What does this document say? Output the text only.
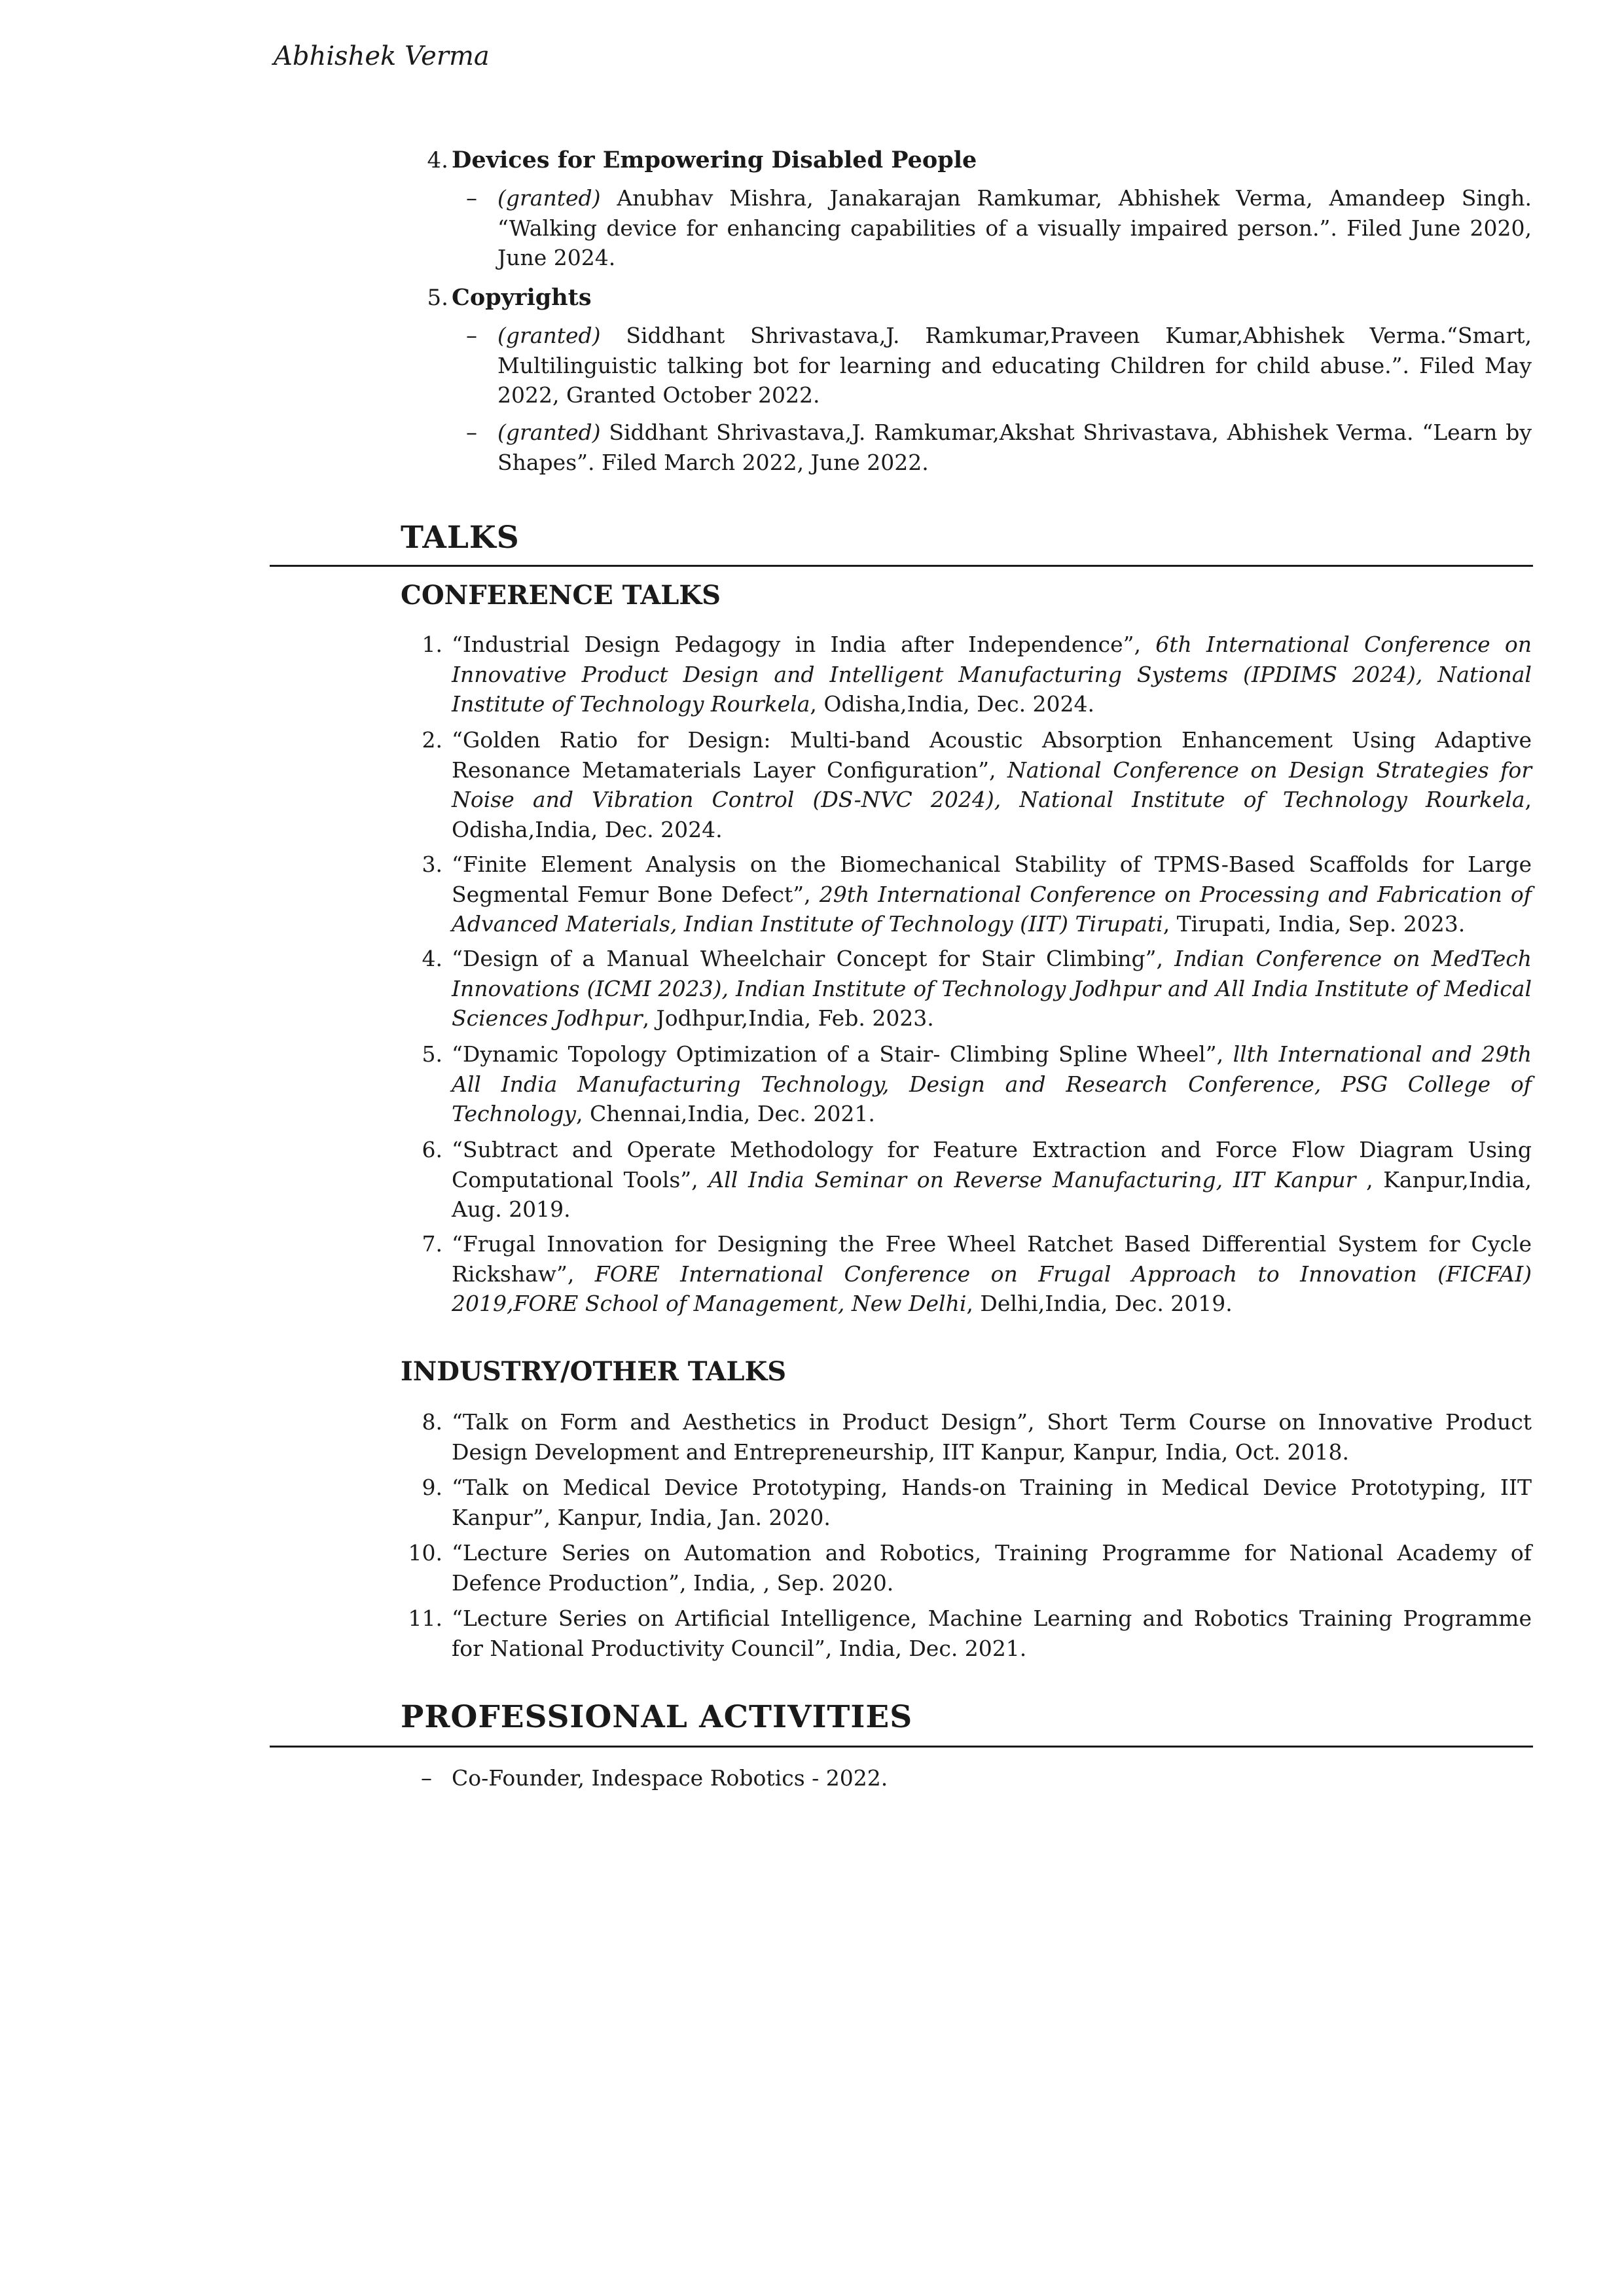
Abhishek Verma
4. Devices for Empowering Disabled People
– (granted) Anubhav Mishra, Janakarajan Ramkumar, Abhishek Verma, Amandeep Singh. “Walking device for enhancing capabilities of a visually impaired person.”. Filed June 2020, June 2024.
5. Copyrights
– (granted) Siddhant Shrivastava,J. Ramkumar,Praveen Kumar,Abhishek Verma.“Smart, Multilinguistic talking bot for learning and educating Children for child abuse.”. Filed May 2022, Granted October 2022.
– (granted) Siddhant Shrivastava,J. Ramkumar,Akshat Shrivastava, Abhishek Verma. “Learn by Shapes”. Filed March 2022, June 2022.
TALKS
CONFERENCE TALKS
1. “Industrial Design Pedagogy in India after Independence”, 6th International Conference on Innovative Product Design and Intelligent Manufacturing Systems (IPDIMS 2024), National Institute of Technology Rourkela, Odisha,India, Dec. 2024.
2. “Golden Ratio for Design: Multi-band Acoustic Absorption Enhancement Using Adaptive Resonance Metamaterials Layer Configuration”, National Conference on Design Strategies for Noise and Vibration Control (DS-NVC 2024), National Institute of Technology Rourkela, Odisha,India, Dec. 2024.
3. “Finite Element Analysis on the Biomechanical Stability of TPMS-Based Scaffolds for Large Segmental Femur Bone Defect”, 29th International Conference on Processing and Fabrication of Advanced Materials, Indian Institute of Technology (IIT) Tirupati, Tirupati, India, Sep. 2023.
4. “Design of a Manual Wheelchair Concept for Stair Climbing”, Indian Conference on MedTech Innovations (ICMI 2023), Indian Institute of Technology Jodhpur and All India Institute of Medical Sciences Jodhpur, Jodhpur,India, Feb. 2023.
5. “Dynamic Topology Optimization of a Stair- Climbing Spline Wheel”, llth International and 29th All India Manufacturing Technology, Design and Research Conference, PSG College of Technology, Chennai,India, Dec. 2021.
6. “Subtract and Operate Methodology for Feature Extraction and Force Flow Diagram Using Computational Tools”, All India Seminar on Reverse Manufacturing, IIT Kanpur , Kanpur,India, Aug. 2019.
7. “Frugal Innovation for Designing the Free Wheel Ratchet Based Differential System for Cycle Rickshaw”, FORE International Conference on Frugal Approach to Innovation (FICFAI) 2019,FORE School of Management, New Delhi, Delhi,India, Dec. 2019.
INDUSTRY/OTHER TALKS
8. “Talk on Form and Aesthetics in Product Design”, Short Term Course on Innovative Product Design Development and Entrepreneurship, IIT Kanpur, Kanpur, India, Oct. 2018.
9. “Talk on Medical Device Prototyping, Hands-on Training in Medical Device Prototyping, IIT Kanpur”, Kanpur, India, Jan. 2020.
10. “Lecture Series on Automation and Robotics, Training Programme for National Academy of Defence Production”, India, , Sep. 2020.
11. “Lecture Series on Artificial Intelligence, Machine Learning and Robotics Training Programme for National Productivity Council”, India, Dec. 2021.
PROFESSIONAL ACTIVITIES
– Co-Founder, Indespace Robotics - 2022.
